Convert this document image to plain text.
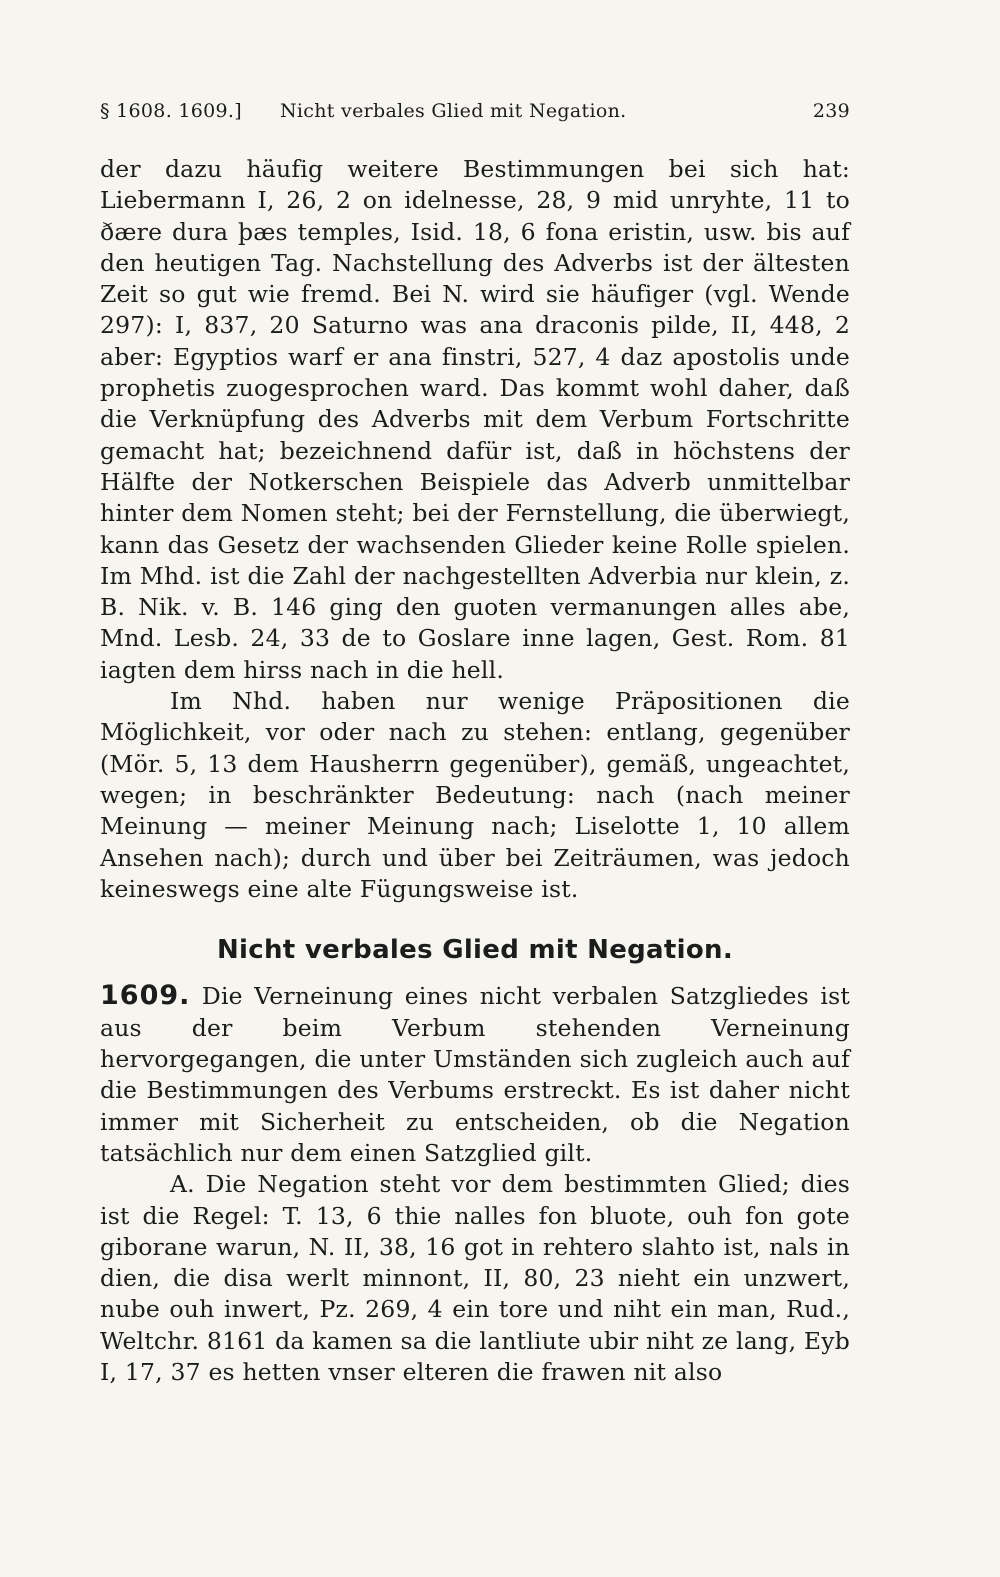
§ 1608. 1609.] Nicht verbales Glied mit Negation.	239

der dazu häufig weitere Bestimmungen bei sich hat: Liebermann I, 26, 2 on idelnesse, 28, 9 mid unryhte, 11 to ðære dura þæs temples, Isid. 18, 6 fona eristin, usw. bis auf den heutigen Tag. Nachstellung des Adverbs ist der ältesten Zeit so gut wie fremd. Bei N. wird sie häufiger (vgl. Wende 297): I, 837, 20 Saturno was ana draconis pilde, II, 448, 2 aber: Egyptios warf er ana finstri, 527, 4 daz apostolis unde prophetis zuogesprochen ward. Das kommt wohl daher, daß die Verknüpfung des Adverbs mit dem Verbum Fortschritte gemacht hat; bezeichnend dafür ist, daß in höchstens der Hälfte der Notkerschen Beispiele das Adverb unmittelbar hinter dem Nomen steht; bei der Fernstellung, die überwiegt, kann das Gesetz der wachsenden Glieder keine Rolle spielen. Im Mhd. ist die Zahl der nachgestellten Adverbia nur klein, z. B. Nik. v. B. 146 ging den guoten vermanungen alles abe, Mnd. Lesb. 24, 33 de to Goslare inne lagen, Gest. Rom. 81 iagten dem hirss nach in die hell.

Im Nhd. haben nur wenige Präpositionen die Möglichkeit, vor oder nach zu stehen: entlang, gegenüber (Mör. 5, 13 dem Hausherrn gegenüber), gemäß, ungeachtet, wegen; in beschränkter Bedeutung: nach (nach meiner Meinung — meiner Meinung nach; Liselotte 1, 10 allem Ansehen nach); durch und über bei Zeiträumen, was jedoch keineswegs eine alte Fügungsweise ist.

Nicht verbales Glied mit Negation.

1609. Die Verneinung eines nicht verbalen Satzgliedes ist aus der beim Verbum stehenden Verneinung hervorgegangen, die unter Umständen sich zugleich auch auf die Bestimmungen des Verbums erstreckt. Es ist daher nicht immer mit Sicherheit zu entscheiden, ob die Negation tatsächlich nur dem einen Satzglied gilt.

A. Die Negation steht vor dem bestimmten Glied; dies ist die Regel: T. 13, 6 thie nalles fon bluote, ouh fon gote giborane warun, N. II, 38, 16 got in rehtero slahto ist, nals in dien, die disa werlt minnont, II, 80, 23 nieht ein unzwert, nube ouh inwert, Pz. 269, 4 ein tore und niht ein man, Rud., Weltchr. 8161 da kamen sa die lantliute ubir niht ze lang, Eyb I, 17, 37 es hetten vnser elteren die frawen nit also
